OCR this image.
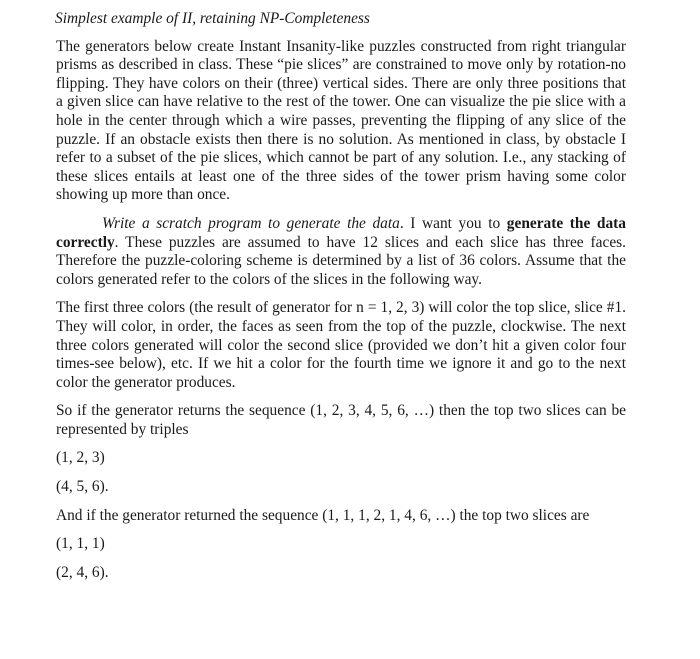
Simplest example of II, retaining NP-Completeness

The generators below create Instant Insanity-like puzzles constructed from right triangular prisms as described in class. These “pie slices” are constrained to move only by rotation-no flipping. They have colors on their (three) vertical sides. There are only three positions that a given slice can have relative to the rest of the tower. One can visualize the pie slice with a hole in the center through which a wire passes, preventing the flipping of any slice of the puzzle. If an obstacle exists then there is no solution. As mentioned in class, by obstacle I refer to a subset of the pie slices, which cannot be part of any solution. I.e., any stacking of these slices entails at least one of the three sides of the tower prism having some color showing up more than once.

Write a scratch program to generate the data. I want you to generate the data correctly. These puzzles are assumed to have 12 slices and each slice has three faces. Therefore the puzzle-coloring scheme is determined by a list of 36 colors. Assume that the colors generated refer to the colors of the slices in the following way.

The first three colors (the result of generator for n = 1, 2, 3) will color the top slice, slice #1. They will color, in order, the faces as seen from the top of the puzzle, clockwise. The next three colors generated will color the second slice (provided we don’t hit a given color four times-see below), etc. If we hit a color for the fourth time we ignore it and go to the next color the generator produces.

So if the generator returns the sequence (1, 2, 3, 4, 5, 6, …) then the top two slices can be represented by triples

(1, 2, 3)
(4, 5, 6).

And if the generator returned the sequence (1, 1, 1, 2, 1, 4, 6, …) the top two slices are

(1, 1, 1)
(2, 4, 6).
